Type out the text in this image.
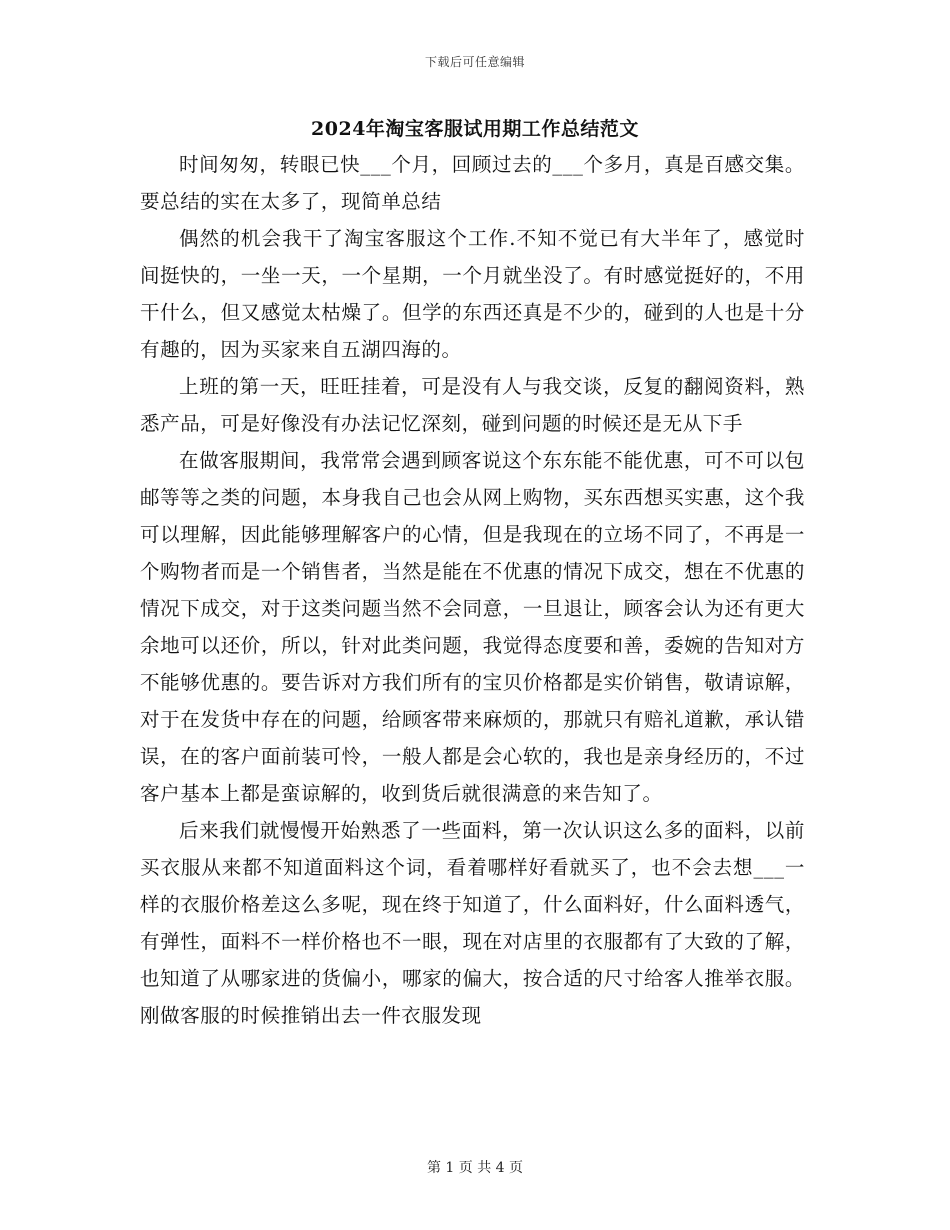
下载后可任意编辑
2024年淘宝客服试用期工作总结范文

时间匆匆，转眼已快___个月，回顾过去的___个多月，真是百感交集。要总结的实在太多了，现简单总结

偶然的机会我干了淘宝客服这个工作.不知不觉已有大半年了，感觉时间挺快的，一坐一天，一个星期，一个月就坐没了。有时感觉挺好的，不用干什么，但又感觉太枯燥了。但学的东西还真是不少的，碰到的人也是十分有趣的，因为买家来自五湖四海的。

上班的第一天，旺旺挂着，可是没有人与我交谈，反复的翻阅资料，熟悉产品，可是好像没有办法记忆深刻，碰到问题的时候还是无从下手

在做客服期间，我常常会遇到顾客说这个东东能不能优惠，可不可以包邮等等之类的问题，本身我自己也会从网上购物，买东西想买实惠，这个我可以理解，因此能够理解客户的心情，但是我现在的立场不同了，不再是一个购物者而是一个销售者，当然是能在不优惠的情况下成交，想在不优惠的情况下成交，对于这类问题当然不会同意，一旦退让，顾客会认为还有更大余地可以还价，所以，针对此类问题，我觉得态度要和善，委婉的告知对方不能够优惠的。要告诉对方我们所有的宝贝价格都是实价销售，敬请谅解，对于在发货中存在的问题，给顾客带来麻烦的，那就只有赔礼道歉，承认错误，在的客户面前装可怜，一般人都是会心软的，我也是亲身经历的，不过客户基本上都是蛮谅解的，收到货后就很满意的来告知了。

后来我们就慢慢开始熟悉了一些面料，第一次认识这么多的面料，以前买衣服从来都不知道面料这个词，看着哪样好看就买了，也不会去想___一样的衣服价格差这么多呢，现在终于知道了，什么面料好，什么面料透气，有弹性，面料不一样价格也不一眼，现在对店里的衣服都有了大致的了解，也知道了从哪家进的货偏小，哪家的偏大，按合适的尺寸给客人推举衣服。刚做客服的时候推销出去一件衣服发现

第 1 页 共 4 页
